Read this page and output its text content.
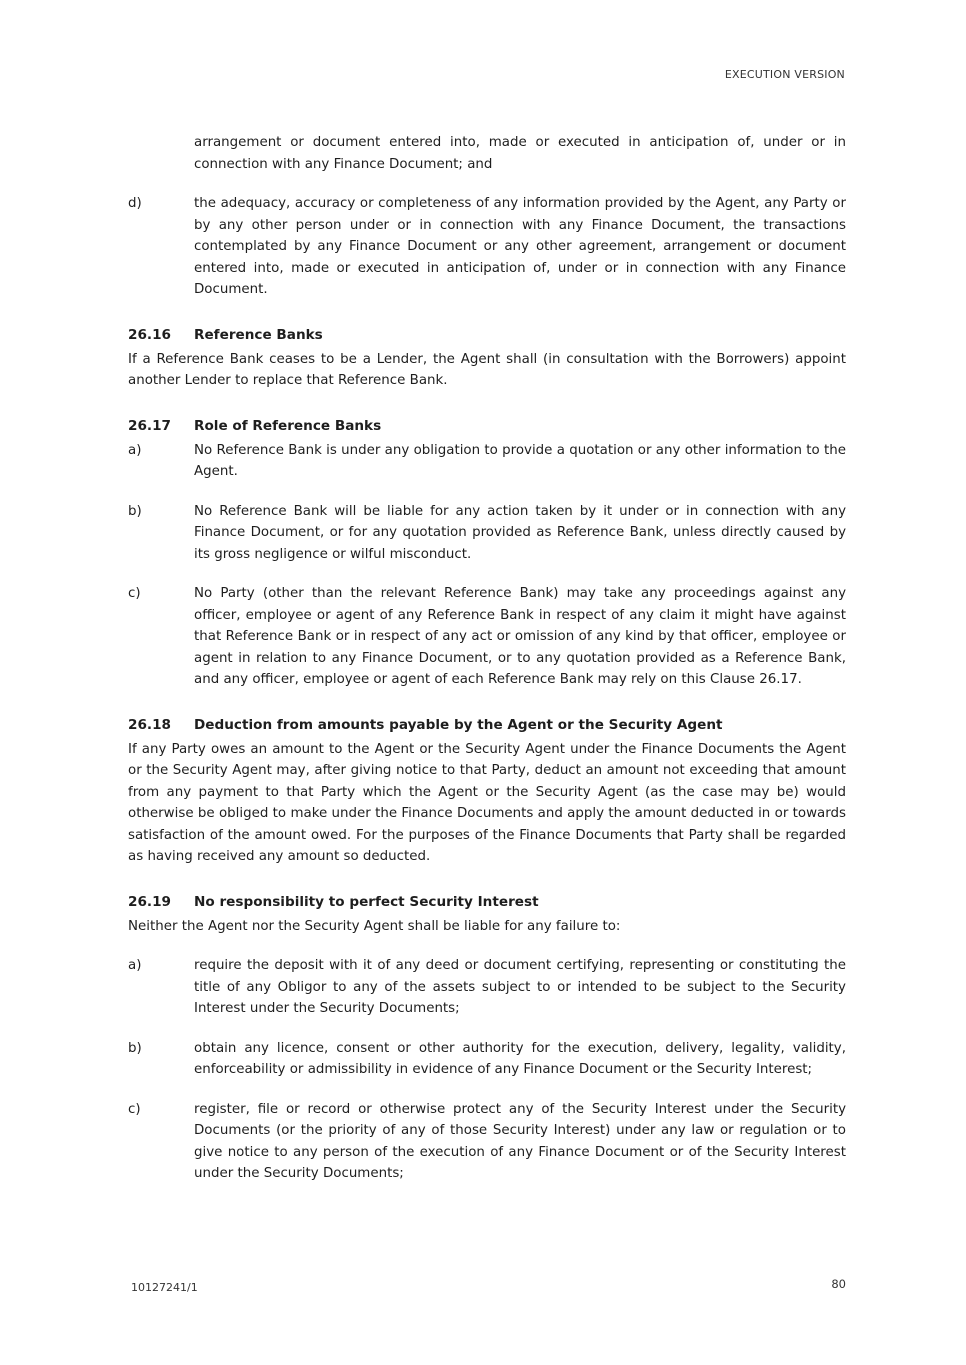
EXECUTION VERSION

arrangement or document entered into, made or executed in anticipation of, under or in connection with any Finance Document; and

d)	the adequacy, accuracy or completeness of any information provided by the Agent, any Party or by any other person under or in connection with any Finance Document, the transactions contemplated by any Finance Document or any other agreement, arrangement or document entered into, made or executed in anticipation of, under or in connection with any Finance Document.

26.16	Reference Banks

If a Reference Bank ceases to be a Lender, the Agent shall (in consultation with the Borrowers) appoint another Lender to replace that Reference Bank.

26.17	Role of Reference Banks
a)	No Reference Bank is under any obligation to provide a quotation or any other information to the Agent.

b)	No Reference Bank will be liable for any action taken by it under or in connection with any Finance Document, or for any quotation provided as Reference Bank, unless directly caused by its gross negligence or wilful misconduct.

c)	No Party (other than the relevant Reference Bank) may take any proceedings against any officer, employee or agent of any Reference Bank in respect of any claim it might have against that Reference Bank or in respect of any act or omission of any kind by that officer, employee or agent in relation to any Finance Document, or to any quotation provided as a Reference Bank, and any officer, employee or agent of each Reference Bank may rely on this Clause 26.17.

26.18	Deduction from amounts payable by the Agent or the Security Agent

If any Party owes an amount to the Agent or the Security Agent under the Finance Documents the Agent or the Security Agent may, after giving notice to that Party, deduct an amount not exceeding that amount from any payment to that Party which the Agent or the Security Agent (as the case may be) would otherwise be obliged to make under the Finance Documents and apply the amount deducted in or towards satisfaction of the amount owed. For the purposes of the Finance Documents that Party shall be regarded as having received any amount so deducted.

26.19	No responsibility to perfect Security Interest

Neither the Agent nor the Security Agent shall be liable for any failure to:

a)	require the deposit with it of any deed or document certifying, representing or constituting the title of any Obligor to any of the assets subject to or intended to be subject to the Security Interest under the Security Documents;

b)	obtain any licence, consent or other authority for the execution, delivery, legality, validity, enforceability or admissibility in evidence of any Finance Document or the Security Interest;

c)	register, file or record or otherwise protect any of the Security Interest under the Security Documents (or the priority of any of those Security Interest) under any law or regulation or to give notice to any person of the execution of any Finance Document or of the Security Interest under the Security Documents;

10127241/1	80
